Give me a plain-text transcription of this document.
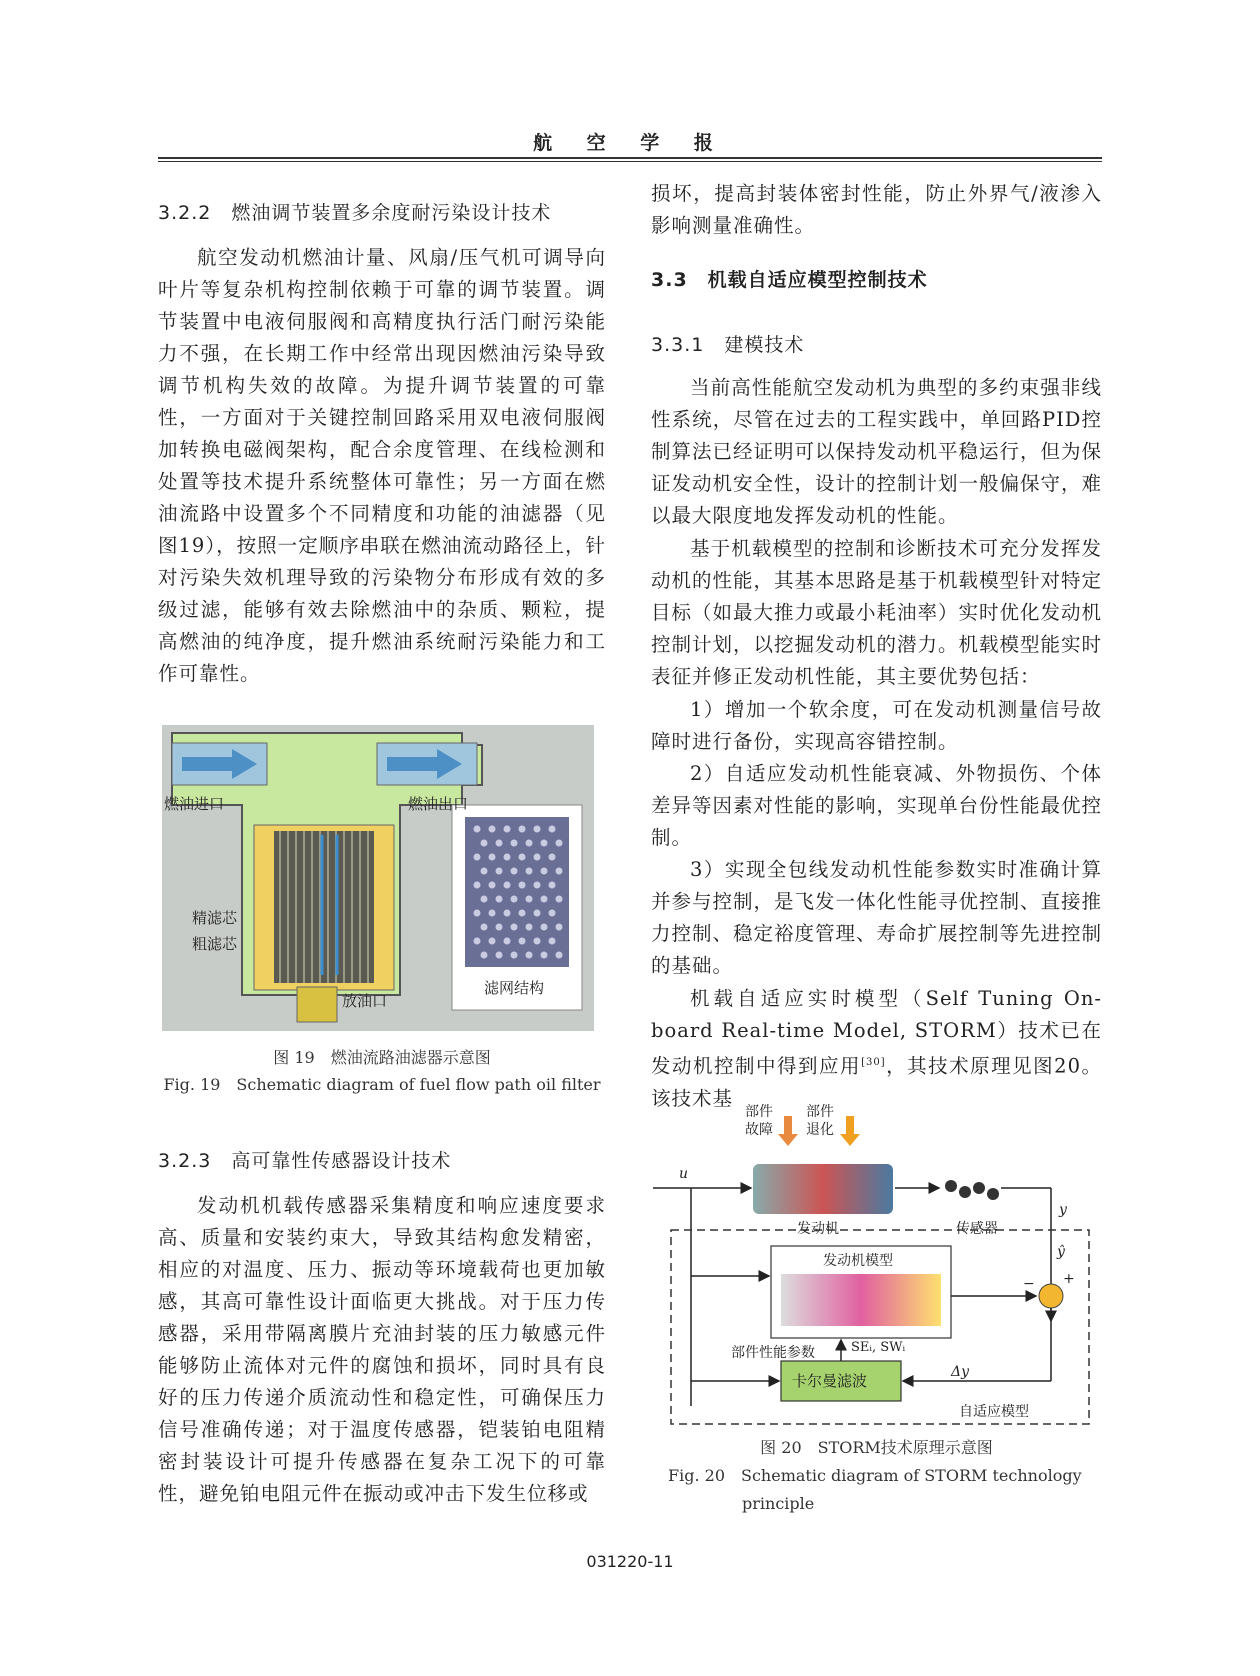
航 空 学 报
3.2.2　燃油调节装置多余度耐污染设计技术
航空发动机燃油计量、风扇/压气机可调导向叶片等复杂机构控制依赖于可靠的调节装置。调节装置中电液伺服阀和高精度执行活门耐污染能力不强，在长期工作中经常出现因燃油污染导致调节机构失效的故障。为提升调节装置的可靠性，一方面对于关键控制回路采用双电液伺服阀加转换电磁阀架构，配合余度管理、在线检测和处置等技术提升系统整体可靠性；另一方面在燃油流路中设置多个不同精度和功能的油滤器（见图19），按照一定顺序串联在燃油流动路径上，针对污染失效机理导致的污染物分布形成有效的多级过滤，能够有效去除燃油中的杂质、颗粒，提高燃油的纯净度，提升燃油系统耐污染能力和工作可靠性。
燃油进口	燃油出口
精滤芯
粗滤芯
放油口
滤网结构
图 19　燃油流路油滤器示意图
Fig. 19　Schematic diagram of fuel flow path oil filter
3.2.3　高可靠性传感器设计技术
发动机机载传感器采集精度和响应速度要求高、质量和安装约束大，导致其结构愈发精密，相应的对温度、压力、振动等环境载荷也更加敏感，其高可靠性设计面临更大挑战。对于压力传感器，采用带隔离膜片充油封装的压力敏感元件能够防止流体对元件的腐蚀和损坏，同时具有良好的压力传递介质流动性和稳定性，可确保压力信号准确传递；对于温度传感器，铠装铂电阻精密封装设计可提升传感器在复杂工况下的可靠性，避免铂电阻元件在振动或冲击下发生位移或
损坏，提高封装体密封性能，防止外界气/液渗入影响测量准确性。
3.3　机载自适应模型控制技术
3.3.1　建模技术
当前高性能航空发动机为典型的多约束强非线性系统，尽管在过去的工程实践中，单回路PID控制算法已经证明可以保持发动机平稳运行，但为保证发动机安全性，设计的控制计划一般偏保守，难以最大限度地发挥发动机的性能。
基于机载模型的控制和诊断技术可充分发挥发动机的性能，其基本思路是基于机载模型针对特定目标（如最大推力或最小耗油率）实时优化发动机控制计划，以挖掘发动机的潜力。机载模型能实时表征并修正发动机性能，其主要优势包括：
1）增加一个软余度，可在发动机测量信号故障时进行备份，实现高容错控制。
2）自适应发动机性能衰减、外物损伤、个体差异等因素对性能的影响，实现单台份性能最优控制。
3）实现全包线发动机性能参数实时准确计算并参与控制，是飞发一体化性能寻优控制、直接推力控制、稳定裕度管理、寿命扩展控制等先进控制的基础。
机载自适应实时模型（Self Tuning On-board Real-time Model, STORM）技术已在发动机控制中得到应用[30]，其技术原理见图20。该技术基
部件
故障
部件
退化
u
发动机	传感器
y
ŷ
发动机模型
− +
部件性能参数	SEᵢ, SWᵢ
Δy
卡尔曼滤波
自适应模型
图 20　STORM技术原理示意图
Fig. 20　Schematic diagram of STORM technology
principle
031220-11
